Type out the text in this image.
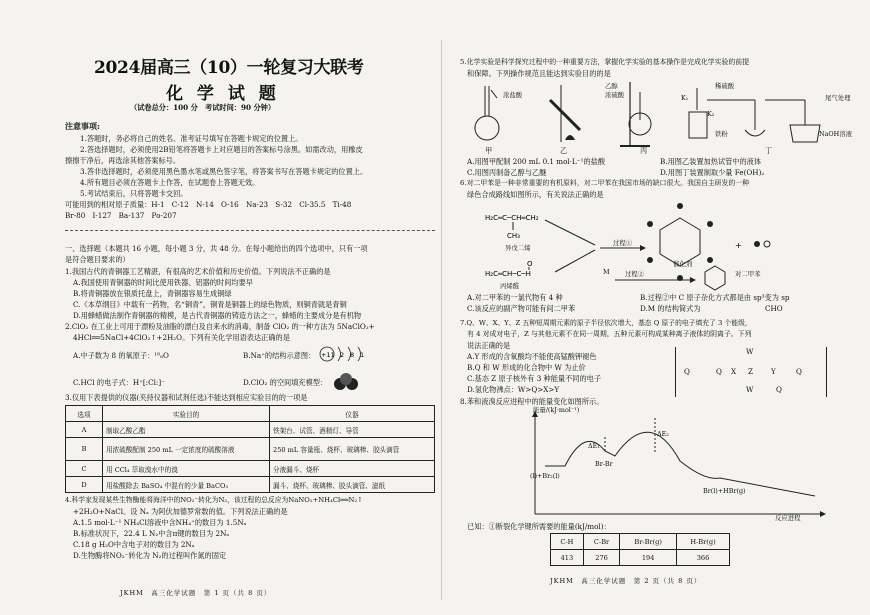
2024届高三（10）一轮复习大联考
化 学 试 题
（试卷总分：100 分　考试时间：90 分钟）
注意事项:
1.答题时，务必将自己的姓名、准考证号填写在答题卡规定的位置上。
2.答选择题时，必须使用2B铅笔将答题卡上对应题目的答案标号涂黑。如需改动，用橡皮
擦擦干净后，再选涂其他答案标号。
3.答非选择题时，必须使用黑色墨水笔或黑色签字笔，将答案书写在答题卡规定的位置上。
4.所有题目必须在答题卡上作答，在试题卷上答题无效。
5.考试结束后，只将答题卡交回。
可能用到的相对原子质量：H-1　C-12　N-14　O-16　Na-23　S-32　Cl-35.5　Ti-48
Br-80　I-127　Ba-137　Po-207
一、选择题（本题共 16 小题，每小题 3 分，共 48 分。在每小题给出的四个选项中，只有一项
是符合题目要求的）
1.我国古代的青铜器工艺精湛，有很高的艺术价值和历史价值。下列说法不正确的是
A.我国使用青铜器的时间比使用铁器、铝器的时间均要早
B.将青铜器放在银质托盘上，青铜器容易生成铜绿
C.《本草纲目》中载有一药物，名“铜青”，铜青是铜器上的绿色物质，则铜青就是青铜
D.用蜂蜡做法制作青铜器的精模，是古代青铜器的铸造方法之一，蜂蜡的主要成分是有机物
2.ClO₂ 在工业上可用于漂粉及油脂的漂白及自来水的消毒，制备 ClO₂ 的一种方法为 5NaClO₂+
4HCl══5NaCl+4ClO₂↑+2H₂O。下列有关化学用语表达正确的是
A.中子数为 8 的氧原子：¹⁸₈O	B.Na⁺的结构示意图： +11 2 8 1
C.HCl 的电子式：H⁺[:Cl:]⁻	D.ClO₂ 的空间填充模型：
3.仅用下表提供的仪器(夹持仪器和试剂任选)不能达到相应实验目的的一项是
选项	实验目的	仪器
A	制取乙酸乙酯	铁架台、试管、酒精灯、导管
B	用浓硫酸配制 250 mL 一定浓度的硫酸溶液	250 mL 容量瓶、烧杯、玻璃棒、胶头滴管
C	用 CCl₄ 萃取溴水中的溴	分液漏斗、烧杯
D	用盐酸除去 BaSO₄ 中混有的少量 BaCO₃	漏斗、烧杯、玻璃棒、胶头滴管、滤纸
4.科学家发现某些生物酶能将海洋中的NO₂⁻转化为N₂，该过程的总反应为NaNO₂+NH₄Cl══N₂↑
+2H₂O+NaCl。设 Nₐ 为阿伏加德罗常数的值。下列说法正确的是
A.1.5 mol·L⁻¹ NH₄Cl溶液中含NH₄⁺的数目为 1.5Nₐ
B.标准状况下，22.4 L N₂中含π键的数目为 2Nₐ
C.18 g H₂O中含电子对的数目为 2Nₐ
D.生物酶将NO₂⁻转化为 N₂的过程叫作氮的固定
JKHM　高三化学试题　第 1 页（共 8 页）
5.化学实验是科学探究过程中的一种重要方法，掌握化学实验的基本操作是完成化学实验的前提
和保障。下列操作规范且能达到实验目的的是
浓盐酸
乙醇
浓硫酸
稀硫酸
K₁
K₂
铁粉
尾气处理
NaOH溶液
甲	乙	丙	丁
A.用图甲配制 200 mL 0.1 mol·L⁻¹的盐酸	B.用图乙装置加热试管中的液体
C.用图丙制备乙醇与乙醚	D.用图丁装置制取少量 Fe(OH)₂
6.对二甲苯是一种非常重要的有机原料，对二甲苯在我国市场的缺口很大。我国自主研发的一种
绿色合成路线如图所示，有关说法正确的是
H₂C═C─CH═CH₂
CH₃
H₂C═CH─C─H
O
+
异戊二烯
丙烯醛
过程①
M 过程②
催化剂
对二甲苯
A.对二甲苯的一氯代物有 4 种	B.过程②中 C 原子杂化方式都是由 sp³变为 sp
C.该反应的副产物可能有间二甲苯	D.M 的结构简式为	CHO
7.Q、W、X、Y、Z 五种短周期元素的原子半径依次增大，基态 Q 原子的电子填充了 3 个能级，
有 4 对成对电子，Z 与其他元素不在同一周期，五种元素可构成某种离子液体的阴离子。下列
说法正确的是
A.Y 形成的含氧酸均不能使高锰酸钾褪色
B.Q 和 W 形成的化合物中 W 为止价
C.基态 Z 原子核外有 3 种能量不同的电子
D.氢化物沸点：W>Q>X>Y
W
Q	Q X Z	Y	Q
W	Q
8.苯和液溴反应进程中的能量变化如图所示。
能量/(kJ·mol⁻¹)
反应进程
ΔE₁
ΔE₂
(l)+Br₂(l)
Br-Br
Br(l)+HBr(g)
已知：①断裂化学键所需要的能量(kJ/mol)：
C-H	C-Br	Br-Br(g)	H-Br(g)
413	276	194	366
JKHM　高三化学试题　第 2 页（共 8 页）
